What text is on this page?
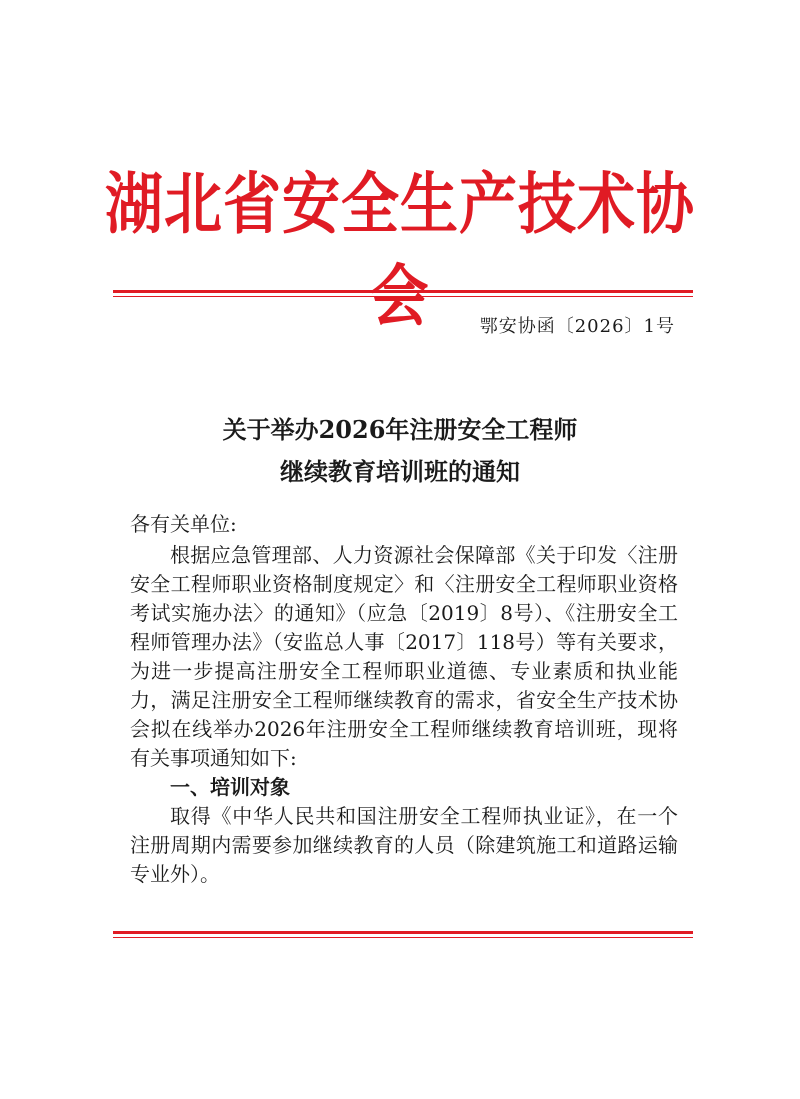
湖北省安全生产技术协会	鄂安协函〔2026〕1号
关于举办2026年注册安全工程师
继续教育培训班的通知

各有关单位:

根据应急管理部、人力资源社会保障部《关于印发〈注册安全工程师职业资格制度规定〉和〈注册安全工程师职业资格考试实施办法〉的通知》（应急〔2019〕8号）、《注册安全工程师管理办法》（安监总人事〔2017〕118号）等有关要求，为进一步提高注册安全工程师职业道德、专业素质和执业能力，满足注册安全工程师继续教育的需求，省安全生产技术协会拟在线举办2026年注册安全工程师继续教育培训班，现将有关事项通知如下:

一、培训对象

取得《中华人民共和国注册安全工程师执业证》，在一个注册周期内需要参加继续教育的人员（除建筑施工和道路运输专业外）。
